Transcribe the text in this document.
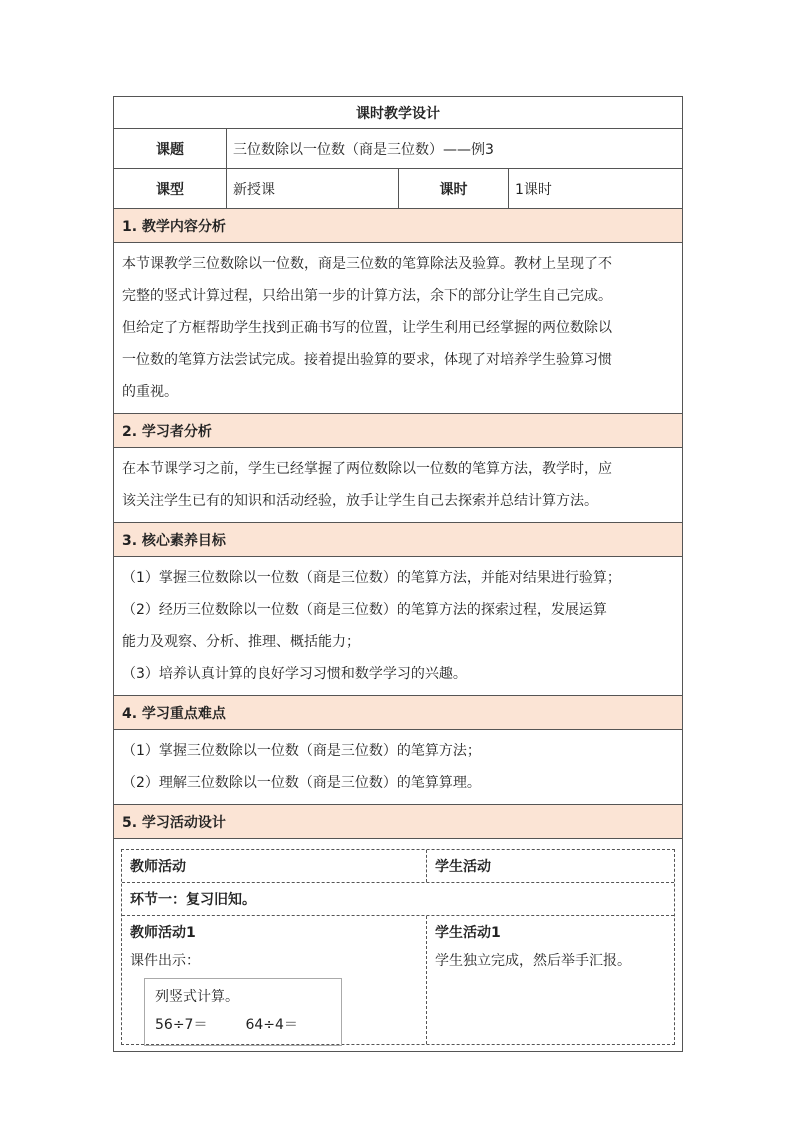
课时教学设计
课题	三位数除以一位数（商是三位数）——例3
课型	新授课	课时	1课时
1. 教学内容分析

本节课教学三位数除以一位数，商是三位数的笔算除法及验算。教材上呈现了不

完整的竖式计算过程，只给出第一步的计算方法，余下的部分让学生自己完成。

但给定了方框帮助学生找到正确书写的位置，让学生利用已经掌握的两位数除以

一位数的笔算方法尝试完成。接着提出验算的要求，体现了对培养学生验算习惯

的重视。

2. 学习者分析

在本节课学习之前，学生已经掌握了两位数除以一位数的笔算方法，教学时，应

该关注学生已有的知识和活动经验，放手让学生自己去探索并总结计算方法。

3. 核心素养目标

（1）掌握三位数除以一位数（商是三位数）的笔算方法，并能对结果进行验算；

（2）经历三位数除以一位数（商是三位数）的笔算方法的探索过程，发展运算

能力及观察、分析、推理、概括能力；

（3）培养认真计算的良好学习习惯和数学学习的兴趣。

4. 学习重点难点

（1）掌握三位数除以一位数（商是三位数）的笔算方法；

（2）理解三位数除以一位数（商是三位数）的笔算算理。

5. 学习活动设计
教师活动	学生活动
环节一：复习旧知。
教师活动1
课件出示：
列竖式计算。
56÷7＝	64÷4＝
学生活动1
学生独立完成，然后举手汇报。
